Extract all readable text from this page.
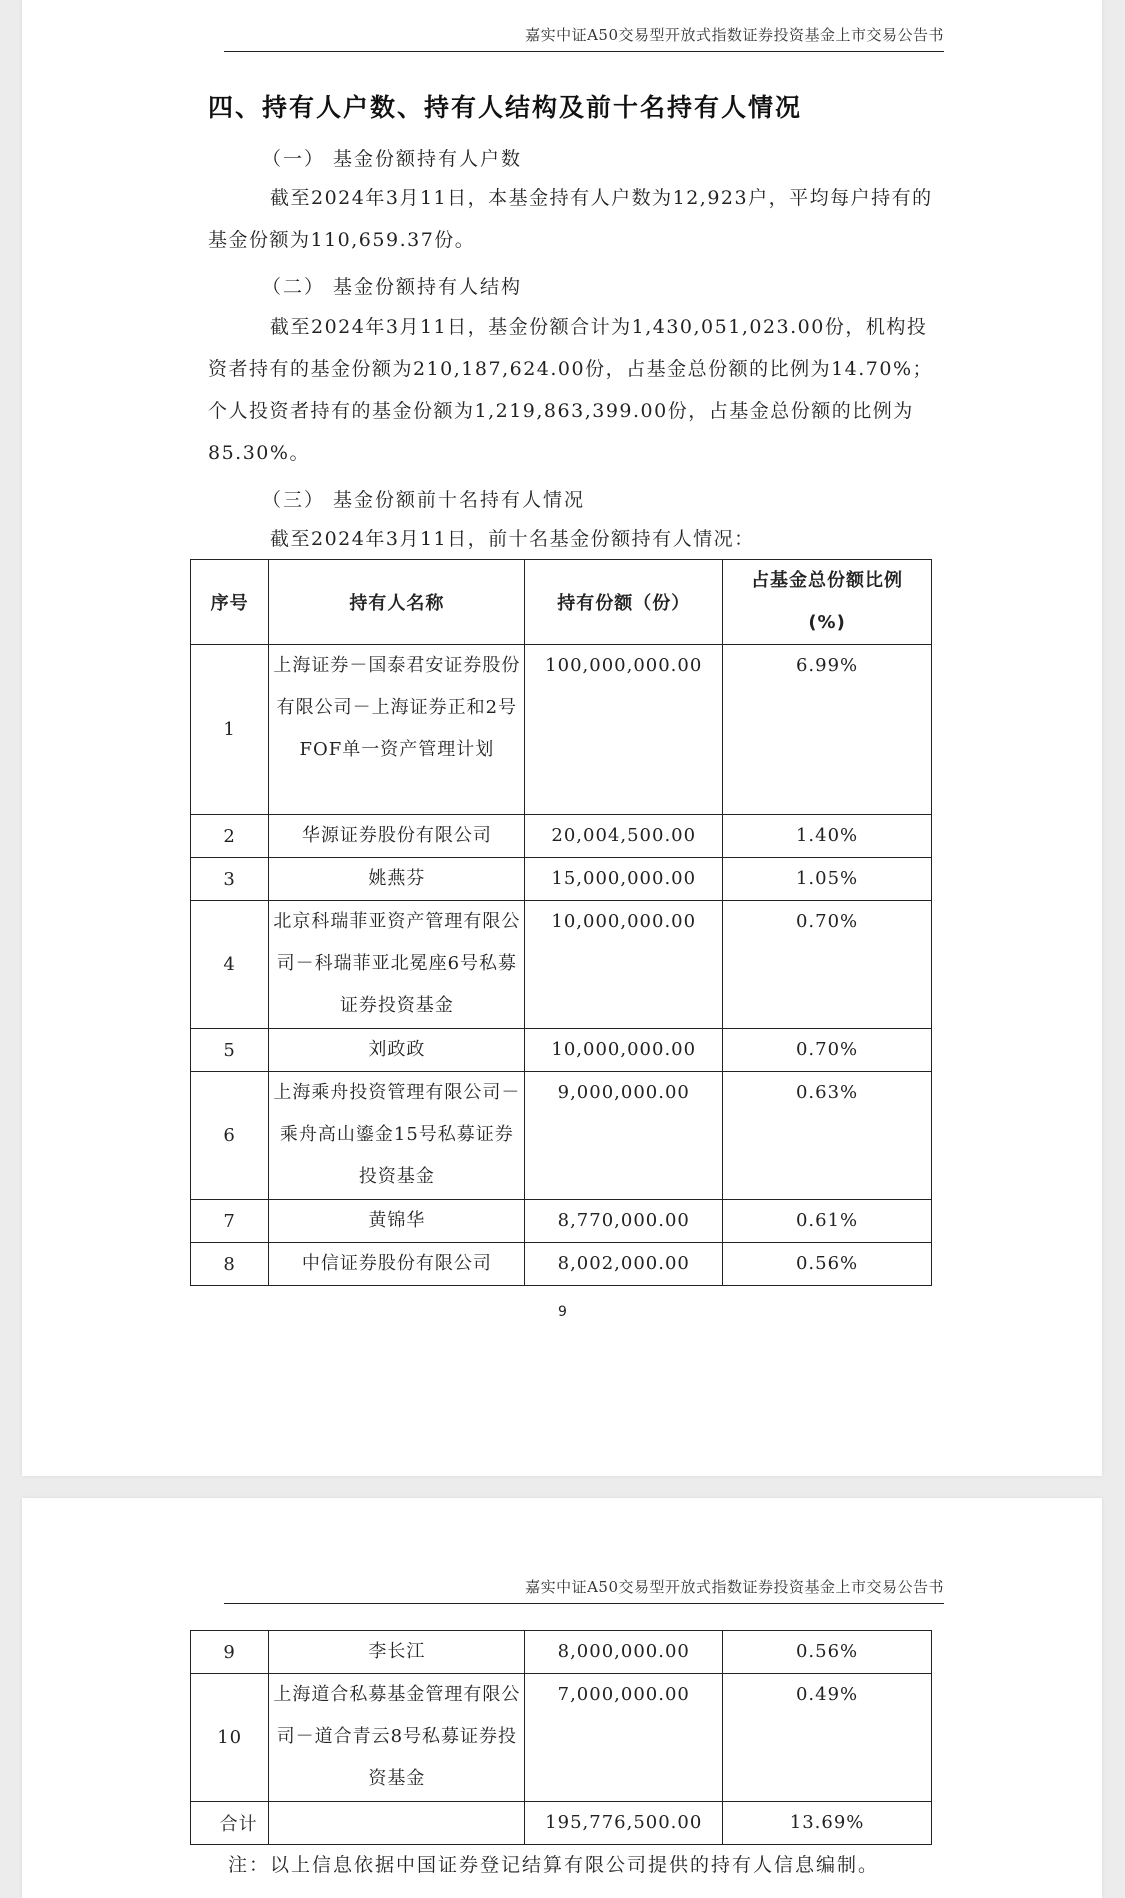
嘉实中证A50交易型开放式指数证券投资基金上市交易公告书
四、持有人户数、持有人结构及前十名持有人情况
（一） 基金份额持有人户数
截至2024年3月11日，本基金持有人户数为12,923户，平均每户持有的基金份额为110,659.37份。
（二） 基金份额持有人结构
截至2024年3月11日，基金份额合计为1,430,051,023.00份，机构投资者持有的基金份额为210,187,624.00份，占基金总份额的比例为14.70%；个人投资者持有的基金份额为1,219,863,399.00份，占基金总份额的比例为85.30%。
（三） 基金份额前十名持有人情况
截至2024年3月11日，前十名基金份额持有人情况：
序号	持有人名称	持有份额（份）	占基金总份额比例
(%)

1	上海证券－国泰君安证券股份有限公司－上海证券正和2号FOF单一资产管理计划	100,000,000.00	6.99%
2	华源证券股份有限公司	20,004,500.00	1.40%
3	姚燕芬	15,000,000.00	1.05%
4	北京科瑞菲亚资产管理有限公司－科瑞菲亚北冕座6号私募证券投资基金	10,000,000.00	0.70%
5	刘政政	10,000,000.00	0.70%
6	上海乘舟投资管理有限公司－乘舟高山鎏金15号私募证券投资基金	9,000,000.00	0.63%
7	黄锦华	8,770,000.00	0.61%
8	中信证券股份有限公司	8,002,000.00	0.56%
9
嘉实中证A50交易型开放式指数证券投资基金上市交易公告书
9	李长江	8,000,000.00	0.56%
10	上海道合私募基金管理有限公司－道合青云8号私募证券投资基金	7,000,000.00	0.49%
合计		195,776,500.00	13.69%
注：以上信息依据中国证券登记结算有限公司提供的持有人信息编制。
